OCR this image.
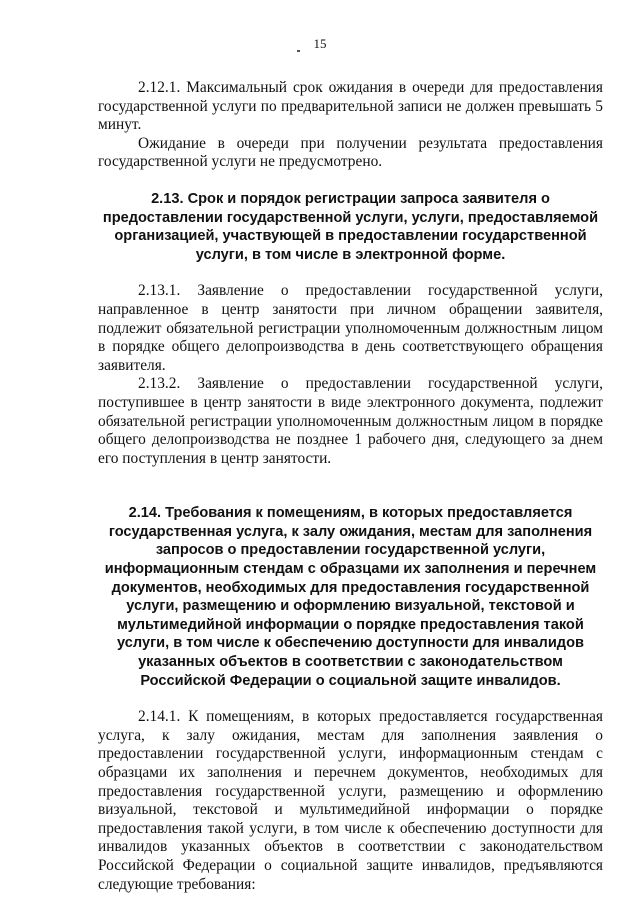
15

2.12.1. Максимальный срок ожидания в очереди для предоставления государственной услуги по предварительной записи не должен превышать 5 минут.

Ожидание в очереди при получении результата предоставления государственной услуги не предусмотрено.

2.13. Срок и порядок регистрации запроса заявителя о предоставлении государственной услуги, услуги, предоставляемой организацией, участвующей в предоставлении государственной услуги, в том числе в электронной форме.

2.13.1. Заявление о предоставлении государственной услуги, направленное в центр занятости при личном обращении заявителя, подлежит обязательной регистрации уполномоченным должностным лицом в порядке общего делопроизводства в день соответствующего обращения заявителя.

2.13.2. Заявление о предоставлении государственной услуги, поступившее в центр занятости в виде электронного документа, подлежит обязательной регистрации уполномоченным должностным лицом в порядке общего делопроизводства не позднее 1 рабочего дня, следующего за днем его поступления в центр занятости.

2.14. Требования к помещениям, в которых предоставляется государственная услуга, к залу ожидания, местам для заполнения запросов о предоставлении государственной услуги, информационным стендам с образцами их заполнения и перечнем документов, необходимых для предоставления государственной услуги, размещению и оформлению визуальной, текстовой и мультимедийной информации о порядке предоставления такой услуги, в том числе к обеспечению доступности для инвалидов указанных объектов в соответствии с законодательством Российской Федерации о социальной защите инвалидов.

2.14.1. К помещениям, в которых предоставляется государственная услуга, к залу ожидания, местам для заполнения заявления о предоставлении государственной услуги, информационным стендам с образцами их заполнения и перечнем документов, необходимых для предоставления государственной услуги, размещению и оформлению визуальной, текстовой и мультимедийной информации о порядке предоставления такой услуги, в том числе к обеспечению доступности для инвалидов указанных объектов в соответствии с законодательством Российской Федерации о социальной защите инвалидов, предъявляются следующие требования:
